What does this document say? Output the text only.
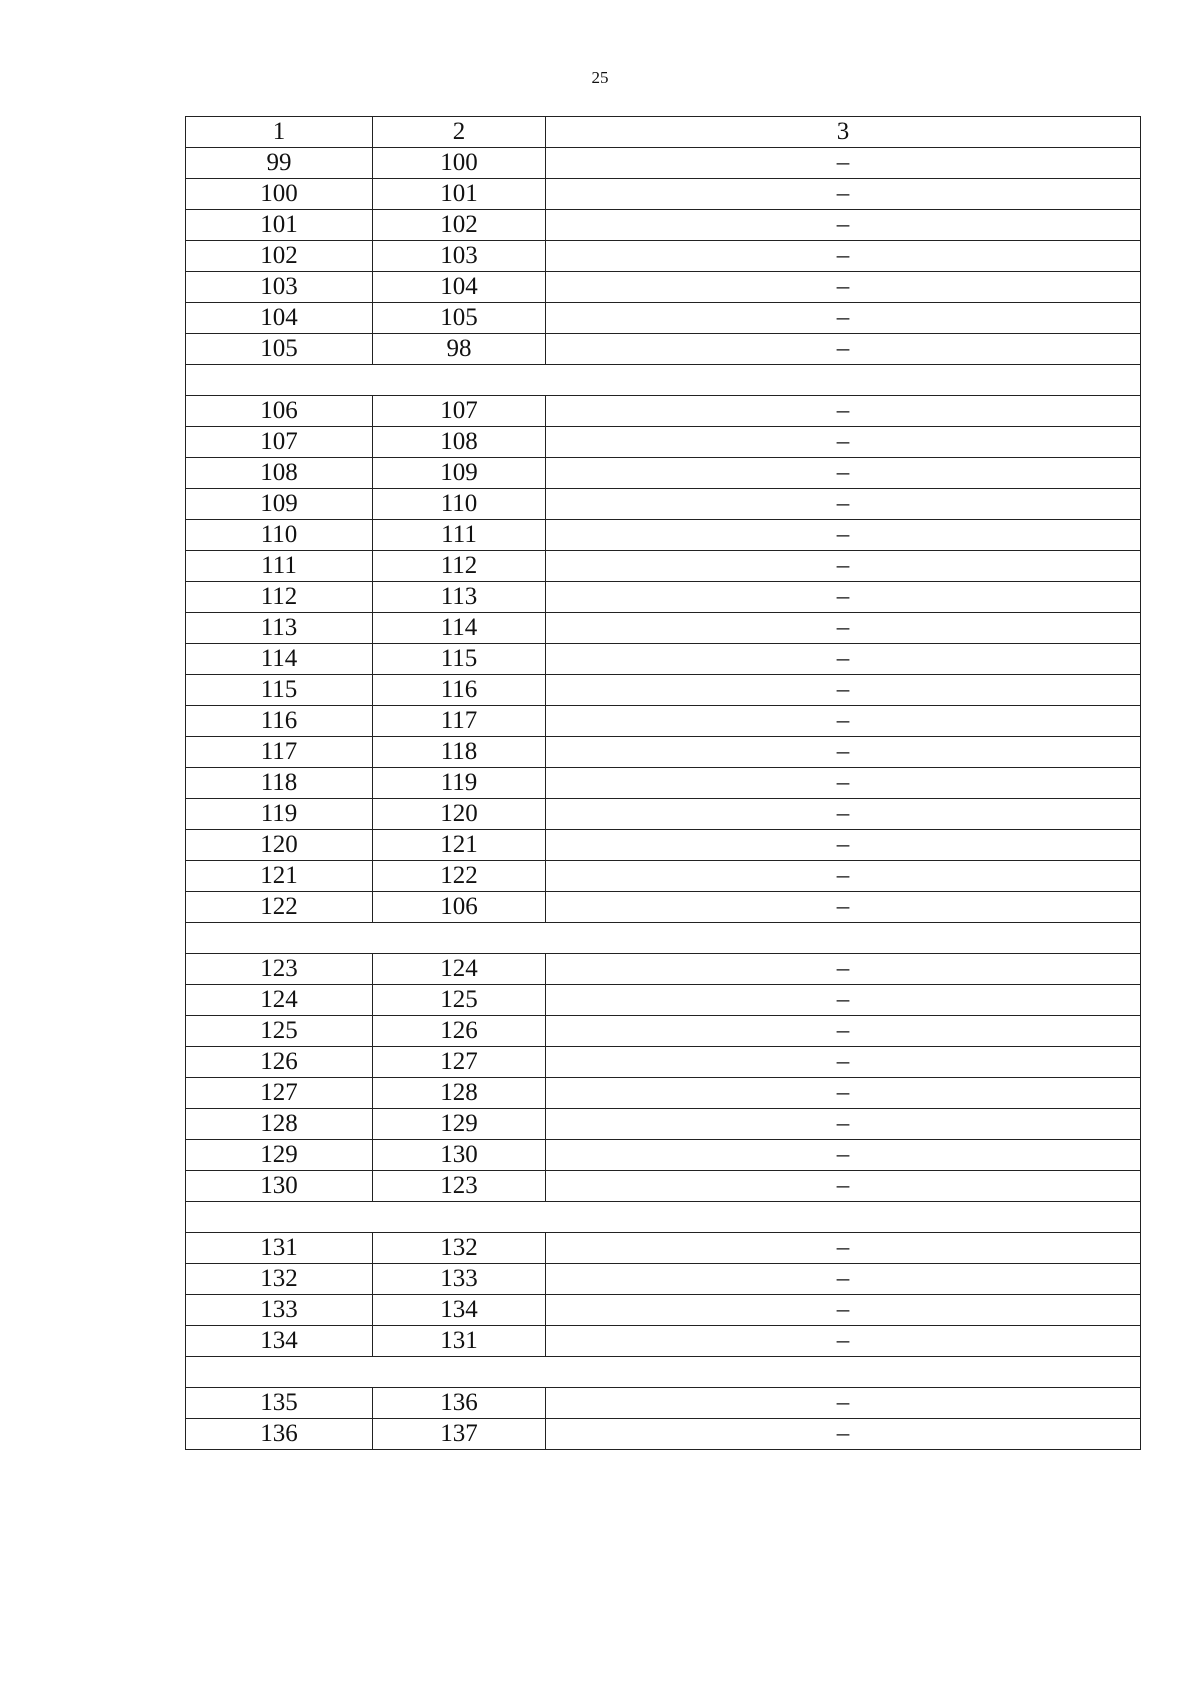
25
1	2	3
99	100	–
100	101	–
101	102	–
102	103	–
103	104	–
104	105	–
105	98	–

106	107	–
107	108	–
108	109	–
109	110	–
110	111	–
111	112	–
112	113	–
113	114	–
114	115	–
115	116	–
116	117	–
117	118	–
118	119	–
119	120	–
120	121	–
121	122	–
122	106	–

123	124	–
124	125	–
125	126	–
126	127	–
127	128	–
128	129	–
129	130	–
130	123	–

131	132	–
132	133	–
133	134	–
134	131	–

135	136	–
136	137	–
